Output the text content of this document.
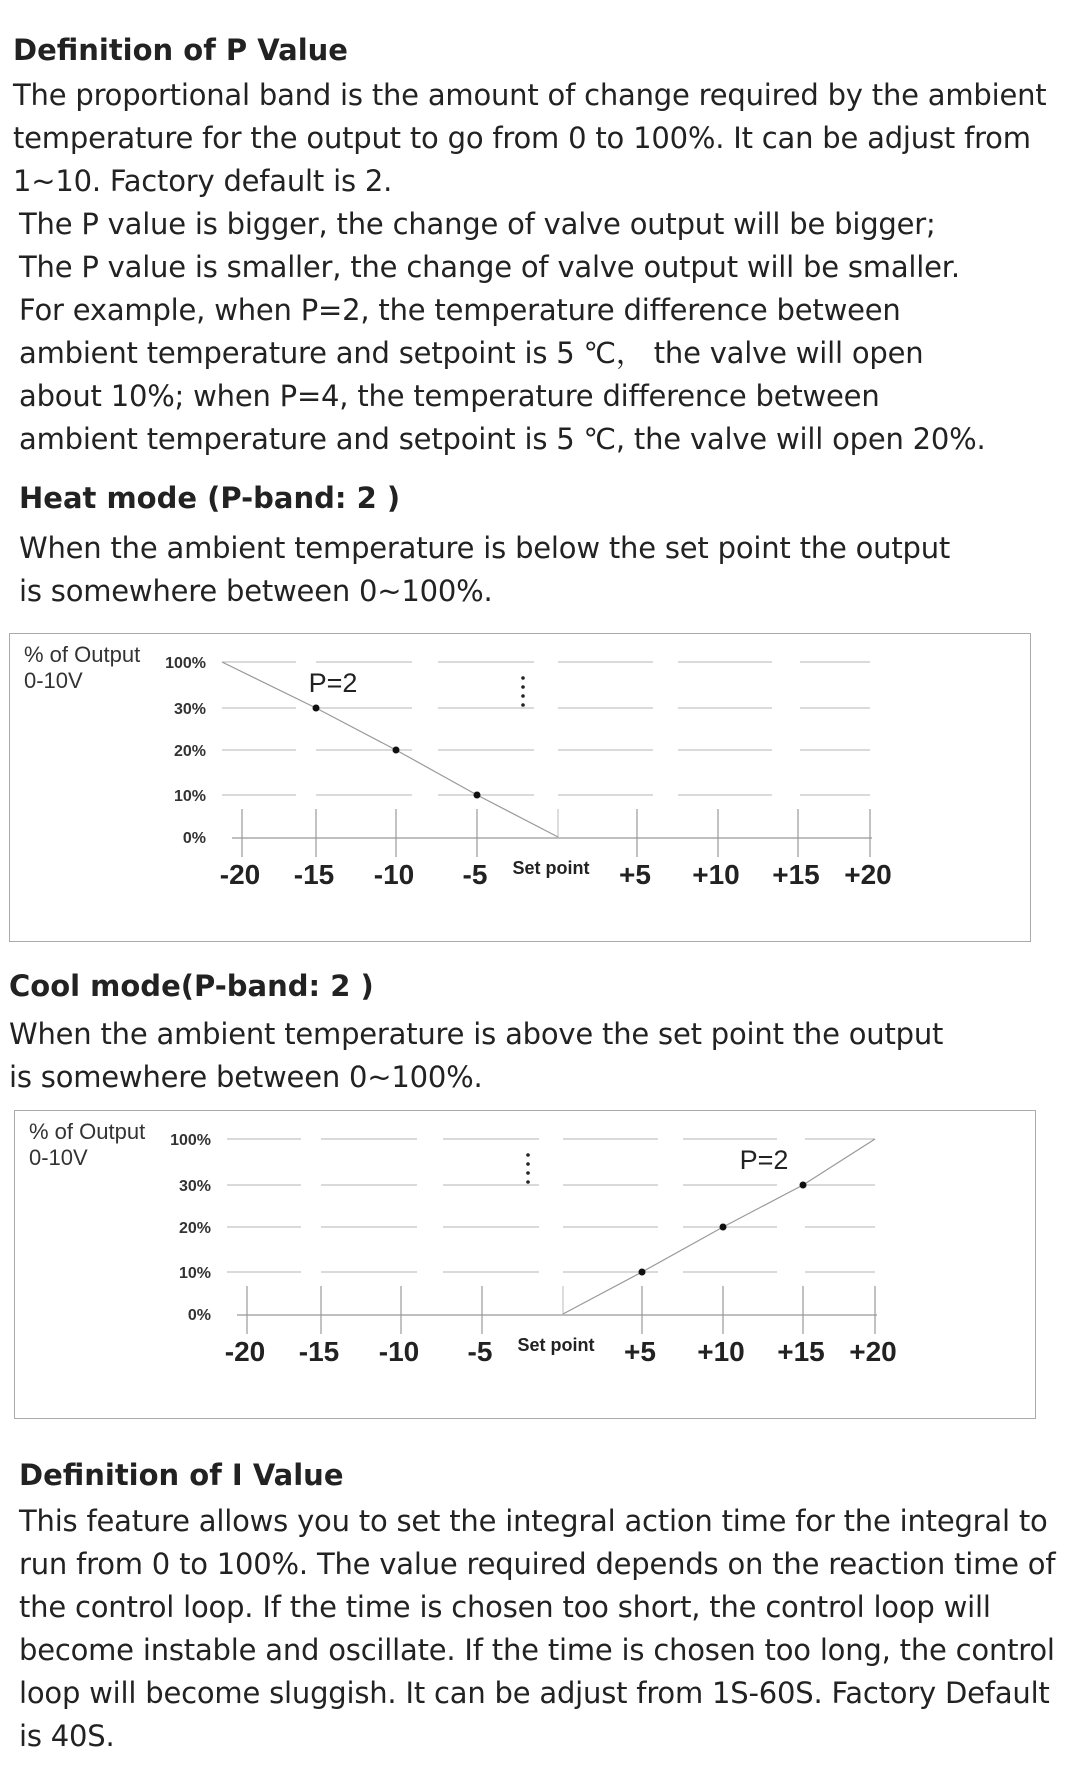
Definition of P Value
The proportional band is the amount of change required by the ambient
temperature for the output to go from 0 to 100%. It can be adjust from
1~10. Factory default is 2.
The P value is bigger, the change of valve output will be bigger;
The P value is smaller, the change of valve output will be smaller.
For example, when P=2, the temperature difference between
ambient temperature and setpoint is 5 ℃， the valve will open
about 10%; when P=4, the temperature difference between
ambient temperature and setpoint is 5 ℃, the valve will open 20%.
Heat mode (P-band: 2 )
When the ambient temperature is below the set point the output
is somewhere between 0~100%.
% of Output
0-10V
100%
30%
20%
10%
0%
-20 -15 -10 -5 Set point +5 +10 +15 +20
P=2
Cool mode(P-band: 2 )
When the ambient temperature is above the set point the output
is somewhere between 0~100%.
% of Output
0-10V
100%
30%
20%
10%
0%
-20 -15 -10 -5 Set point +5 +10 +15 +20
P=2
Definition of I Value
This feature allows you to set the integral action time for the integral to
run from 0 to 100%. The value required depends on the reaction time of
the control loop. If the time is chosen too short, the control loop will
become instable and oscillate. If the time is chosen too long, the control
loop will become sluggish. It can be adjust from 1S-60S. Factory Default
is 40S.
